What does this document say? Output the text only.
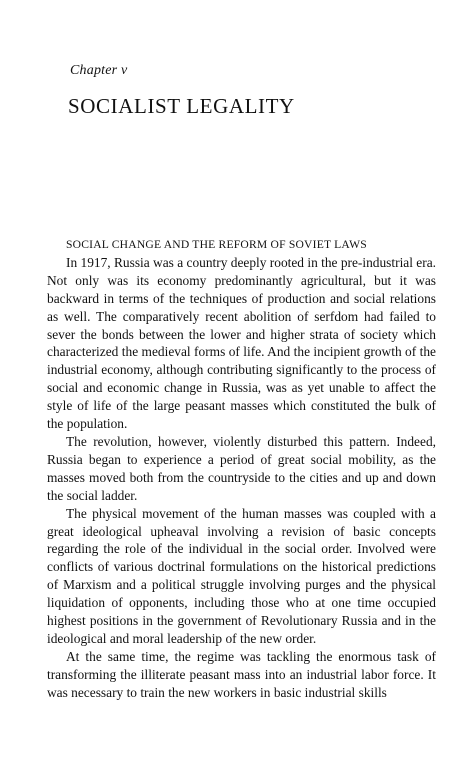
Chapter v
SOCIALIST LEGALITY
SOCIAL CHANGE AND THE REFORM OF SOVIET LAWS

In 1917, Russia was a country deeply rooted in the pre-industrial era. Not only was its economy predominantly agricultural, but it was backward in terms of the techniques of production and social relations as well. The comparatively recent abolition of serfdom had failed to sever the bonds between the lower and higher strata of society which characterized the medieval forms of life. And the incipient growth of the industrial economy, although contributing significantly to the process of social and economic change in Russia, was as yet unable to affect the style of life of the large peasant masses which constituted the bulk of the population.

The revolution, however, violently disturbed this pattern. Indeed, Russia began to experience a period of great social mobility, as the masses moved both from the countryside to the cities and up and down the social ladder.

The physical movement of the human masses was coupled with a great ideological upheaval involving a revision of basic concepts regarding the role of the individual in the social order. Involved were conflicts of various doctrinal formulations on the historical predictions of Marxism and a political struggle involving purges and the physical liquidation of opponents, including those who at one time occupied highest positions in the government of Revolutionary Russia and in the ideological and moral leadership of the new order.

At the same time, the regime was tackling the enormous task of transforming the illiterate peasant mass into an industrial labor force. It was necessary to train the new workers in basic industrial skills
